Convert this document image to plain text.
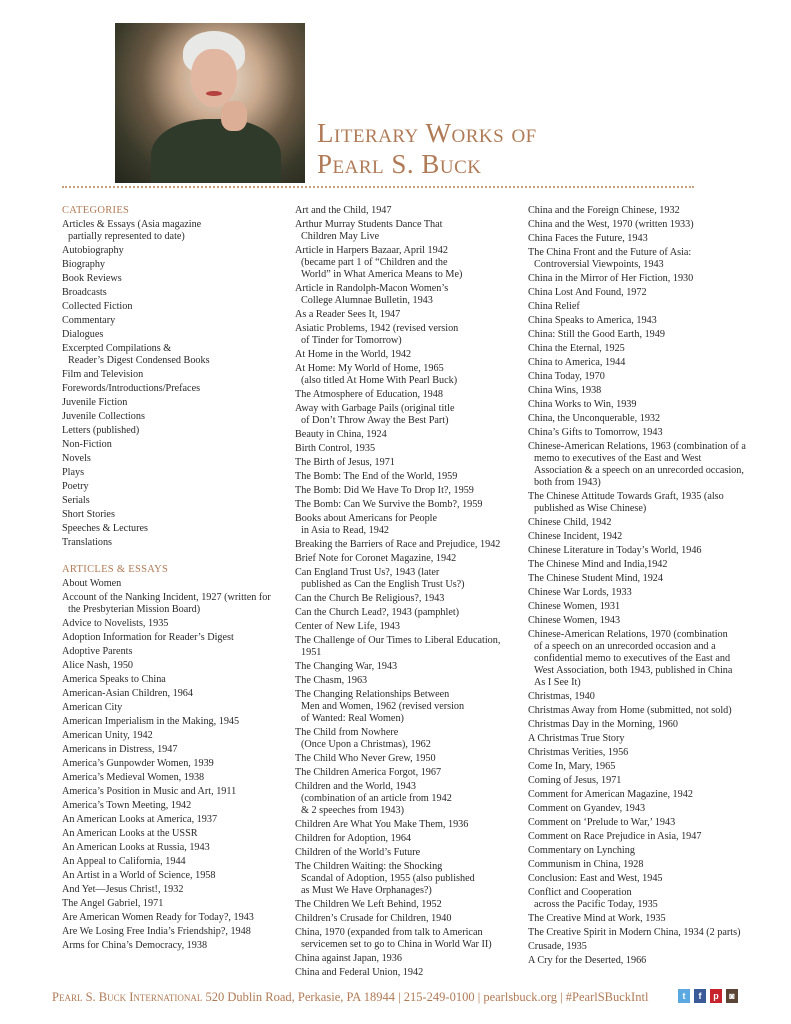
Literary Works of
Pearl S. Buck
CATEGORIES
Articles & Essays (Asia magazine
partially represented to date)
Autobiography
Biography
Book Reviews
Broadcasts
Collected Fiction
Commentary
Dialogues
Excerpted Compilations &
Reader’s Digest Condensed Books
Film and Television
Forewords/Introductions/Prefaces
Juvenile Fiction
Juvenile Collections
Letters (published)
Non-Fiction
Novels
Plays
Poetry
Serials
Short Stories
Speeches & Lectures
Translations
ARTICLES & ESSAYS
About Women
Account of the Nanking Incident, 1927 (written for
the Presbyterian Mission Board)
Advice to Novelists, 1935
Adoption Information for Reader’s Digest
Adoptive Parents
Alice Nash, 1950
America Speaks to China
American-Asian Children, 1964
American City
American Imperialism in the Making, 1945
American Unity, 1942
Americans in Distress, 1947
America’s Gunpowder Women, 1939
America’s Medieval Women, 1938
America’s Position in Music and Art, 1911
America’s Town Meeting, 1942
An American Looks at America, 1937
An American Looks at the USSR
An American Looks at Russia, 1943
An Appeal to California, 1944
An Artist in a World of Science, 1958
And Yet—Jesus Christ!, 1932
The Angel Gabriel, 1971
Are American Women Ready for Today?, 1943
Are We Losing Free India’s Friendship?, 1948
Arms for China’s Democracy, 1938
Art and the Child, 1947
Arthur Murray Students Dance That
Children May Live
Article in Harpers Bazaar, April 1942
(became part 1 of “Children and the
World” in What America Means to Me)
Article in Randolph-Macon Women’s
College Alumnae Bulletin, 1943
As a Reader Sees It, 1947
Asiatic Problems, 1942 (revised version
of Tinder for Tomorrow)
At Home in the World, 1942
At Home: My World of Home, 1965
(also titled At Home With Pearl Buck)
The Atmosphere of Education, 1948
Away with Garbage Pails (original title
of Don’t Throw Away the Best Part)
Beauty in China, 1924
Birth Control, 1935
The Birth of Jesus, 1971
The Bomb: The End of the World, 1959
The Bomb: Did We Have To Drop It?, 1959
The Bomb: Can We Survive the Bomb?, 1959
Books about Americans for People
in Asia to Read, 1942
Breaking the Barriers of Race and Prejudice, 1942
Brief Note for Coronet Magazine, 1942
Can England Trust Us?, 1943 (later
published as Can the English Trust Us?)
Can the Church Be Religious?, 1943
Can the Church Lead?, 1943 (pamphlet)
Center of New Life, 1943
The Challenge of Our Times to Liberal Education,
1951
The Changing War, 1943
The Chasm, 1963
The Changing Relationships Between
Men and Women, 1962 (revised version
of Wanted: Real Women)
The Child from Nowhere
(Once Upon a Christmas), 1962
The Child Who Never Grew, 1950
The Children America Forgot, 1967
Children and the World, 1943
(combination of an article from 1942
& 2 speeches from 1943)
Children Are What You Make Them, 1936
Children for Adoption, 1964
Children of the World’s Future
The Children Waiting: the Shocking
Scandal of Adoption, 1955 (also published
as Must We Have Orphanages?)
The Children We Left Behind, 1952
Children’s Crusade for Children, 1940
China, 1970 (expanded from talk to American
servicemen set to go to China in World War II)
China against Japan, 1936
China and Federal Union, 1942
China and the Foreign Chinese, 1932
China and the West, 1970 (written 1933)
China Faces the Future, 1943
The China Front and the Future of Asia:
Controversial Viewpoints, 1943
China in the Mirror of Her Fiction, 1930
China Lost And Found, 1972
China Relief
China Speaks to America, 1943
China: Still the Good Earth, 1949
China the Eternal, 1925
China to America, 1944
China Today, 1970
China Wins, 1938
China Works to Win, 1939
China, the Unconquerable, 1932
China’s Gifts to Tomorrow, 1943
Chinese-American Relations, 1963 (combination of a
memo to executives of the East and West
Association & a speech on an unrecorded occasion,
both from 1943)
The Chinese Attitude Towards Graft, 1935 (also
published as Wise Chinese)
Chinese Child, 1942
Chinese Incident, 1942
Chinese Literature in Today’s World, 1946
The Chinese Mind and India,1942
The Chinese Student Mind, 1924
Chinese War Lords, 1933
Chinese Women, 1931
Chinese Women, 1943
Chinese-American Relations, 1970 (combination
of a speech on an unrecorded occasion and a
confidential memo to executives of the East and
West Association, both 1943, published in China
As I See It)
Christmas, 1940
Christmas Away from Home (submitted, not sold)
Christmas Day in the Morning, 1960
A Christmas True Story
Christmas Verities, 1956
Come In, Mary, 1965
Coming of Jesus, 1971
Comment for American Magazine, 1942
Comment on Gyandev, 1943
Comment on ‘Prelude to War,’ 1943
Comment on Race Prejudice in Asia, 1947
Commentary on Lynching
Communism in China, 1928
Conclusion: East and West, 1945
Conflict and Cooperation
across the Pacific Today, 1935
The Creative Mind at Work, 1935
The Creative Spirit in Modern China, 1934 (2 parts)
Crusade, 1935
A Cry for the Deserted, 1966
Pearl S. Buck International 520 Dublin Road, Perkasie, PA 18944 | 215-249-0100 | pearlsbuck.org | #PearlSBuckIntl	t	f	p	◙
